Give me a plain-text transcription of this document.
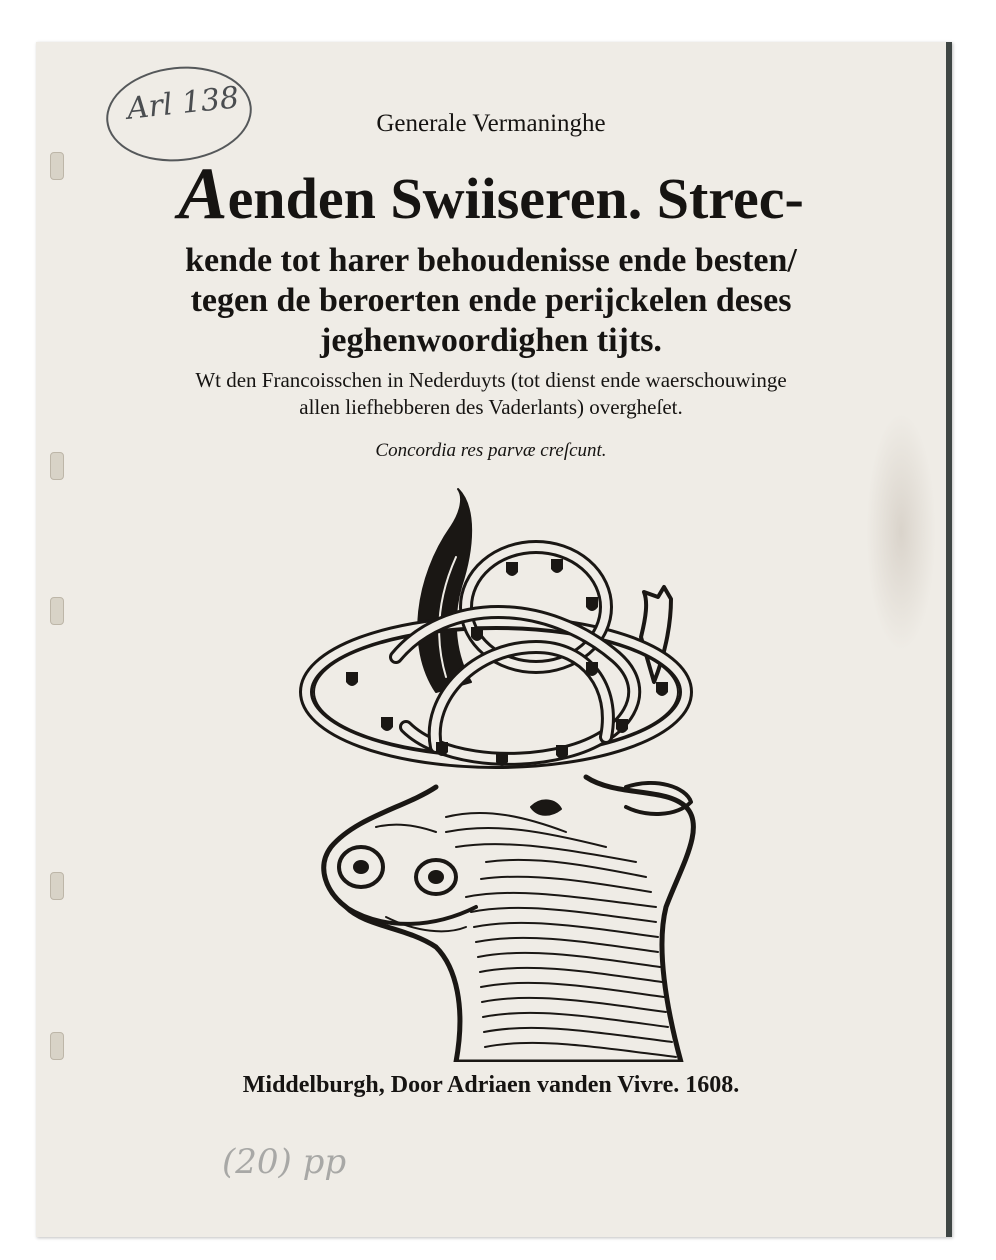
Arl 138	Generale Vermaninghe
Aenden Swiiseren. Strec-
kende tot harer behoudenisse ende besten/
tegen de beroerten ende perijckelen deses
jeghenwoordighen tijts.
Wt den Francoisschen in Nederduyts (tot dienst ende waerschouwinge
allen liefhebberen des Vaderlants) overgheſet.
Concordia res parvæ creſcunt.
Middelburgh, Door Adriaen vanden Vivre. 1608.
(20) pp
